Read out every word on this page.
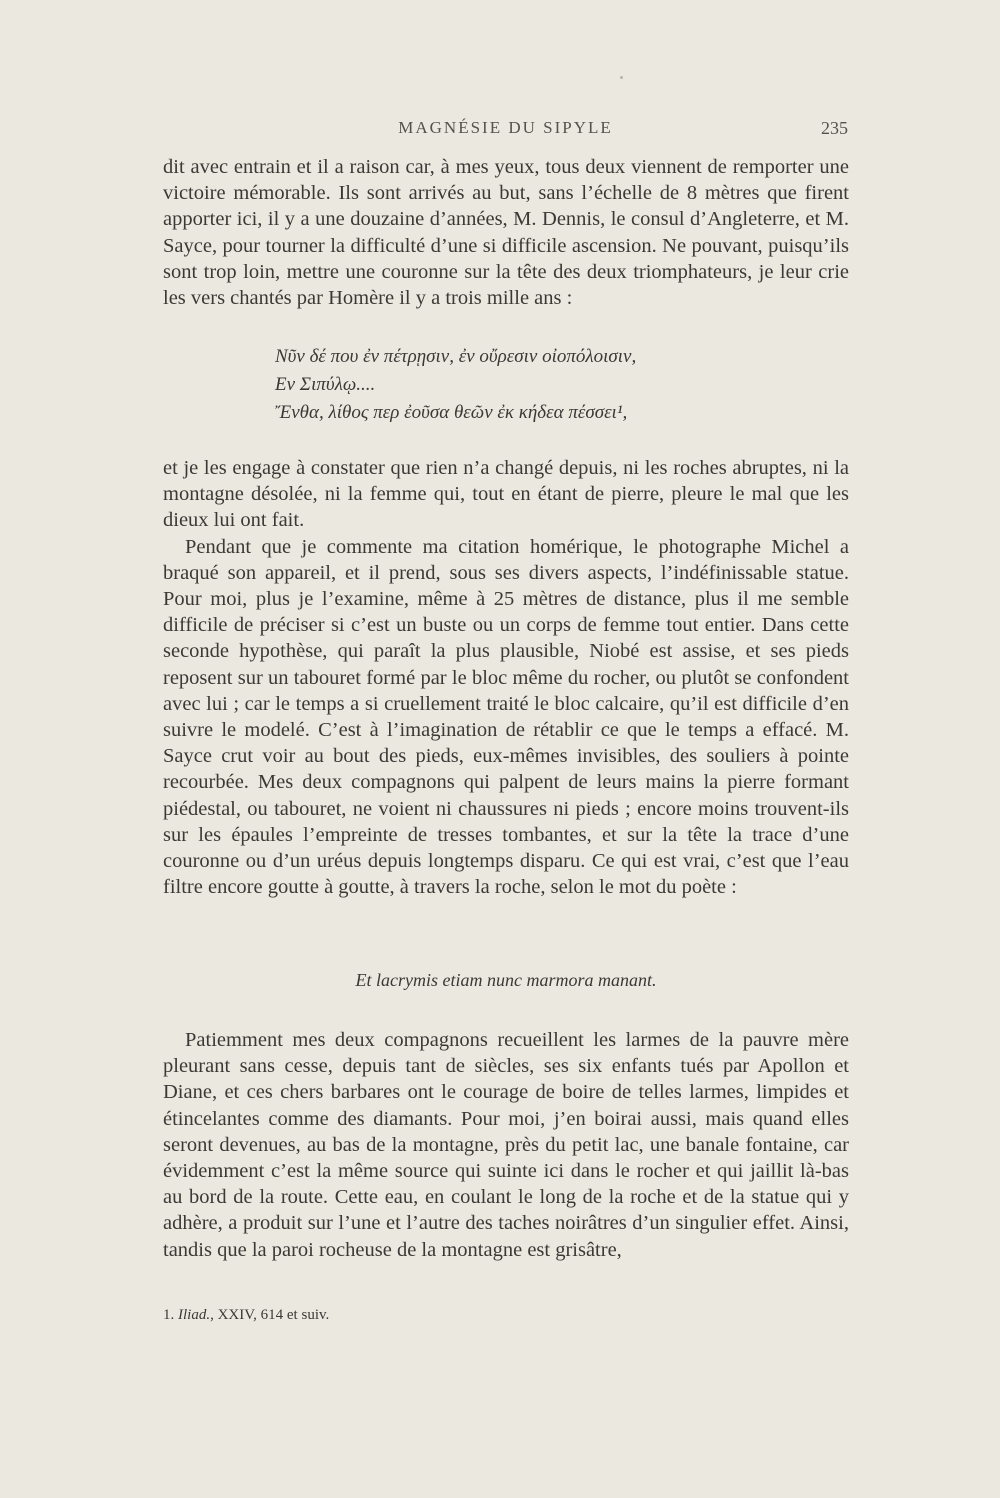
MAGNÉSIE DU SIPYLE	235

dit avec entrain et il a raison car, à mes yeux, tous deux viennent de remporter une victoire mémorable. Ils sont arrivés au but, sans l’échelle de 8 mètres que firent apporter ici, il y a une douzaine d’années, M. Dennis, le consul d’Angleterre, et M. Sayce, pour tourner la difficulté d’une si difficile ascension. Ne pouvant, puisqu’ils sont trop loin, mettre une couronne sur la tête des deux triomphateurs, je leur crie les vers chantés par Homère il y a trois mille ans :

Νῦν δέ που ἐν πέτρῃσιν, ἐν οὔρεσιν οἰοπόλοισιν,
Εν Σιπύλῳ....
Ἔνθα, λίθος περ ἐοῦσα θεῶν ἐκ κήδεα πέσσει¹,

et je les engage à constater que rien n’a changé depuis, ni les roches abruptes, ni la montagne désolée, ni la femme qui, tout en étant de pierre, pleure le mal que les dieux lui ont fait.

Pendant que je commente ma citation homérique, le photographe Michel a braqué son appareil, et il prend, sous ses divers aspects, l’indéfinissable statue. Pour moi, plus je l’examine, même à 25 mètres de distance, plus il me semble difficile de préciser si c’est un buste ou un corps de femme tout entier. Dans cette seconde hypothèse, qui paraît la plus plausible, Niobé est assise, et ses pieds reposent sur un tabouret formé par le bloc même du rocher, ou plutôt se confondent avec lui ; car le temps a si cruellement traité le bloc calcaire, qu’il est difficile d’en suivre le modelé. C’est à l’imagination de rétablir ce que le temps a effacé. M. Sayce crut voir au bout des pieds, eux-mêmes invisibles, des souliers à pointe recourbée. Mes deux compagnons qui palpent de leurs mains la pierre formant piédestal, ou tabouret, ne voient ni chaussures ni pieds ; encore moins trouvent-ils sur les épaules l’empreinte de tresses tombantes, et sur la tête la trace d’une couronne ou d’un uréus depuis longtemps disparu. Ce qui est vrai, c’est que l’eau filtre encore goutte à goutte, à travers la roche, selon le mot du poète :

Et lacrymis etiam nunc marmora manant.

Patiemment mes deux compagnons recueillent les larmes de la pauvre mère pleurant sans cesse, depuis tant de siècles, ses six enfants tués par Apollon et Diane, et ces chers barbares ont le courage de boire de telles larmes, limpides et étincelantes comme des diamants. Pour moi, j’en boirai aussi, mais quand elles seront devenues, au bas de la montagne, près du petit lac, une banale fontaine, car évidemment c’est la même source qui suinte ici dans le rocher et qui jaillit là-bas au bord de la route. Cette eau, en coulant le long de la roche et de la statue qui y adhère, a produit sur l’une et l’autre des taches noirâtres d’un singulier effet. Ainsi, tandis que la paroi rocheuse de la montagne est grisâtre,

1. Iliad., XXIV, 614 et suiv.
